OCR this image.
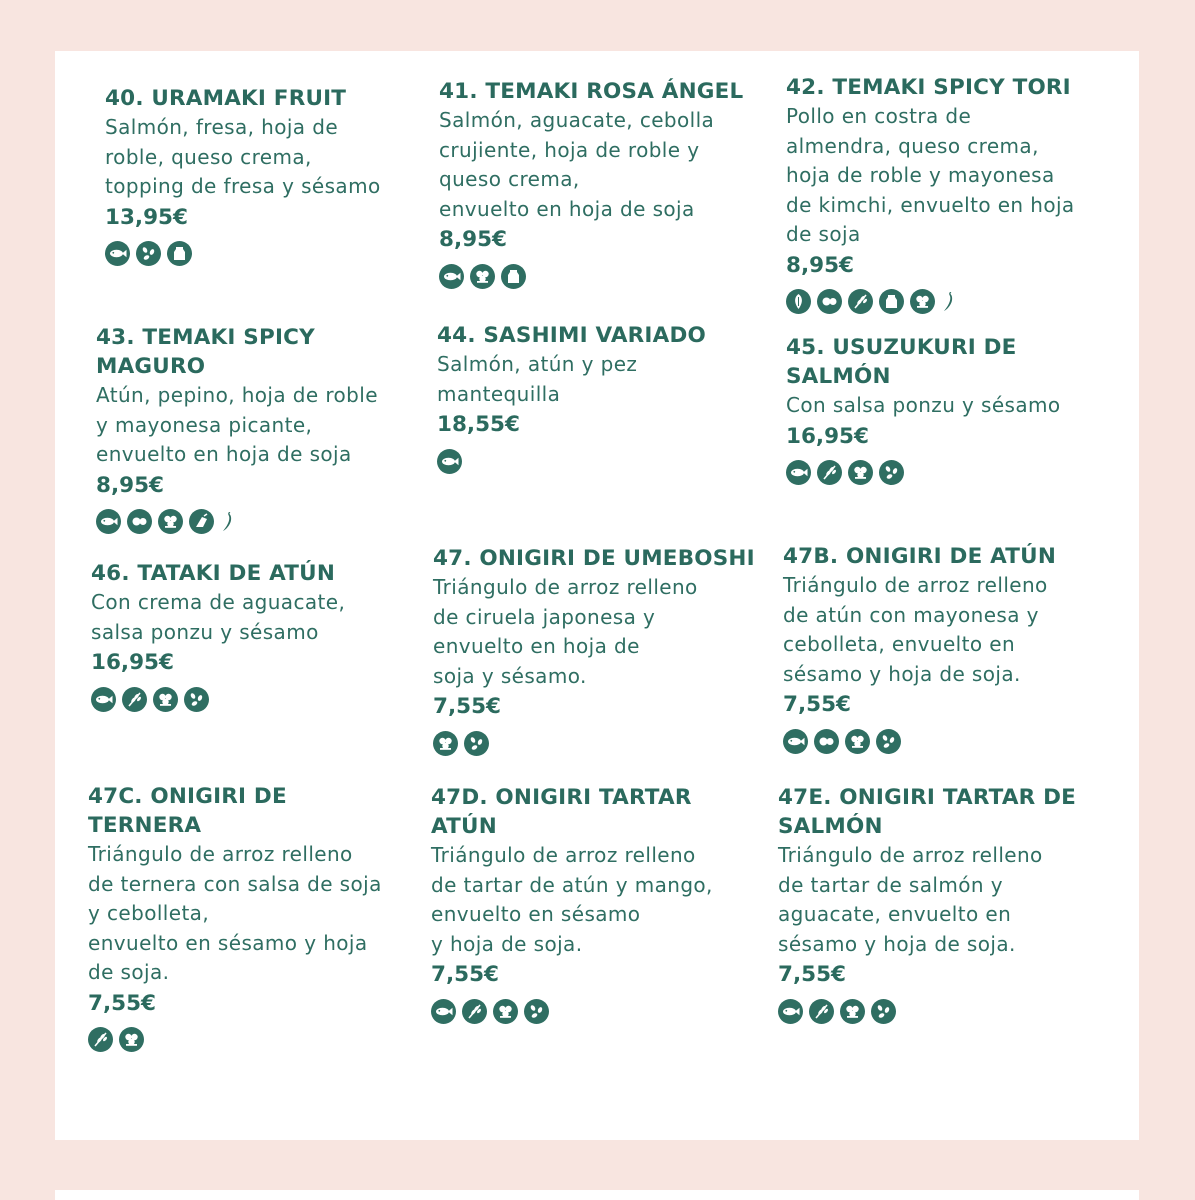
40. URAMAKI FRUIT

Salmón, fresa, hoja de
roble, queso crema,
topping de fresa y sésamo

13,95€

41. TEMAKI ROSA ÁNGEL

Salmón, aguacate, cebolla
crujiente, hoja de roble y
queso crema,
envuelto en hoja de soja

8,95€

42. TEMAKI SPICY TORI

Pollo en costra de
almendra, queso crema,
hoja de roble y mayonesa
de kimchi, envuelto en hoja
de soja

8,95€

43. TEMAKI SPICY
MAGURO

Atún, pepino, hoja de roble
y mayonesa picante,
envuelto en hoja de soja

8,95€

44. SASHIMI VARIADO

Salmón, atún y pez
mantequilla

18,55€

45. USUZUKURI DE
SALMÓN

Con salsa ponzu y sésamo

16,95€

46. TATAKI DE ATÚN

Con crema de aguacate,
salsa ponzu y sésamo

16,95€

47. ONIGIRI DE UMEBOSHI

Triángulo de arroz relleno
de ciruela japonesa y
envuelto en hoja de
soja y sésamo.

7,55€

47B. ONIGIRI DE ATÚN

Triángulo de arroz relleno
de atún con mayonesa y
cebolleta, envuelto en
sésamo y hoja de soja.

7,55€

47C. ONIGIRI DE
TERNERA

Triángulo de arroz relleno
de ternera con salsa de soja
y cebolleta,
envuelto en sésamo y hoja
de soja.

7,55€

47D. ONIGIRI TARTAR
ATÚN

Triángulo de arroz relleno
de tartar de atún y mango,
envuelto en sésamo
y hoja de soja.

7,55€

47E. ONIGIRI TARTAR DE
SALMÓN

Triángulo de arroz relleno
de tartar de salmón y
aguacate, envuelto en
sésamo y hoja de soja.

7,55€
